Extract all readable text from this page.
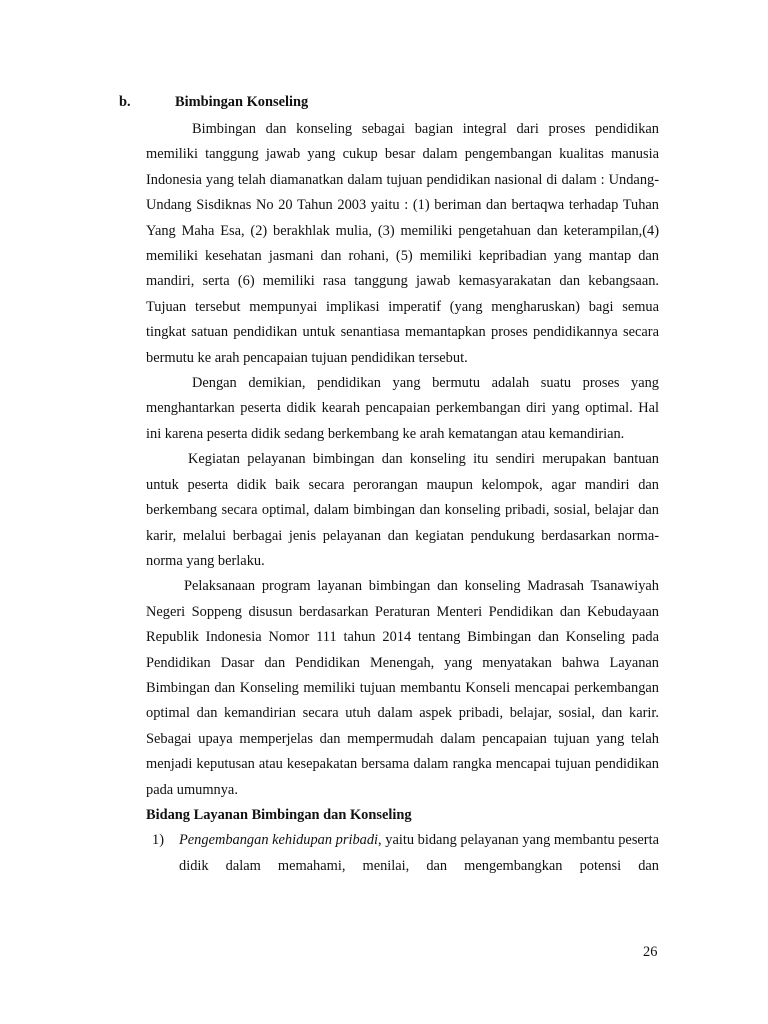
b.	Bimbingan Konseling

Bimbingan dan konseling sebagai bagian integral dari proses pendidikan memiliki tanggung jawab yang cukup besar dalam pengembangan kualitas manusia Indonesia yang telah diamanatkan dalam tujuan pendidikan nasional di dalam : Undang-Undang Sisdiknas No 20 Tahun 2003 yaitu : (1) beriman dan bertaqwa terhadap Tuhan Yang Maha Esa, (2) berakhlak mulia, (3) memiliki pengetahuan dan keterampilan,(4) memiliki kesehatan jasmani dan rohani, (5) memiliki kepribadian yang mantap dan mandiri, serta (6) memiliki rasa tanggung jawab kemasyarakatan dan kebangsaan. Tujuan tersebut mempunyai implikasi imperatif (yang mengharuskan) bagi semua tingkat satuan pendidikan untuk senantiasa memantapkan proses pendidikannya secara bermutu ke arah pencapaian tujuan pendidikan tersebut.

Dengan demikian, pendidikan yang bermutu adalah suatu proses yang menghantarkan peserta didik kearah pencapaian perkembangan diri yang optimal. Hal ini karena peserta didik sedang berkembang ke arah kematangan atau kemandirian.

Kegiatan pelayanan bimbingan dan konseling itu sendiri merupakan bantuan untuk peserta didik baik secara perorangan maupun kelompok, agar mandiri dan berkembang secara optimal, dalam bimbingan dan konseling pribadi, sosial, belajar dan karir, melalui berbagai jenis pelayanan dan kegiatan pendukung berdasarkan norma-norma yang berlaku.

Pelaksanaan program layanan bimbingan dan konseling Madrasah Tsanawiyah Negeri Soppeng disusun berdasarkan Peraturan Menteri Pendidikan dan Kebudayaan Republik Indonesia Nomor 111 tahun 2014 tentang Bimbingan dan Konseling pada Pendidikan Dasar dan Pendidikan Menengah, yang menyatakan bahwa Layanan Bimbingan dan Konseling memiliki tujuan membantu Konseli mencapai perkembangan optimal dan kemandirian secara utuh dalam aspek pribadi, belajar, sosial, dan karir. Sebagai upaya memperjelas dan mempermudah dalam pencapaian tujuan yang telah menjadi keputusan atau kesepakatan bersama dalam rangka mencapai tujuan pendidikan pada umumnya.

Bidang Layanan Bimbingan dan Konseling
1)	Pengembangan kehidupan pribadi, yaitu bidang pelayanan yang membantu peserta didik dalam memahami, menilai, dan mengembangkan potensi dan
26
